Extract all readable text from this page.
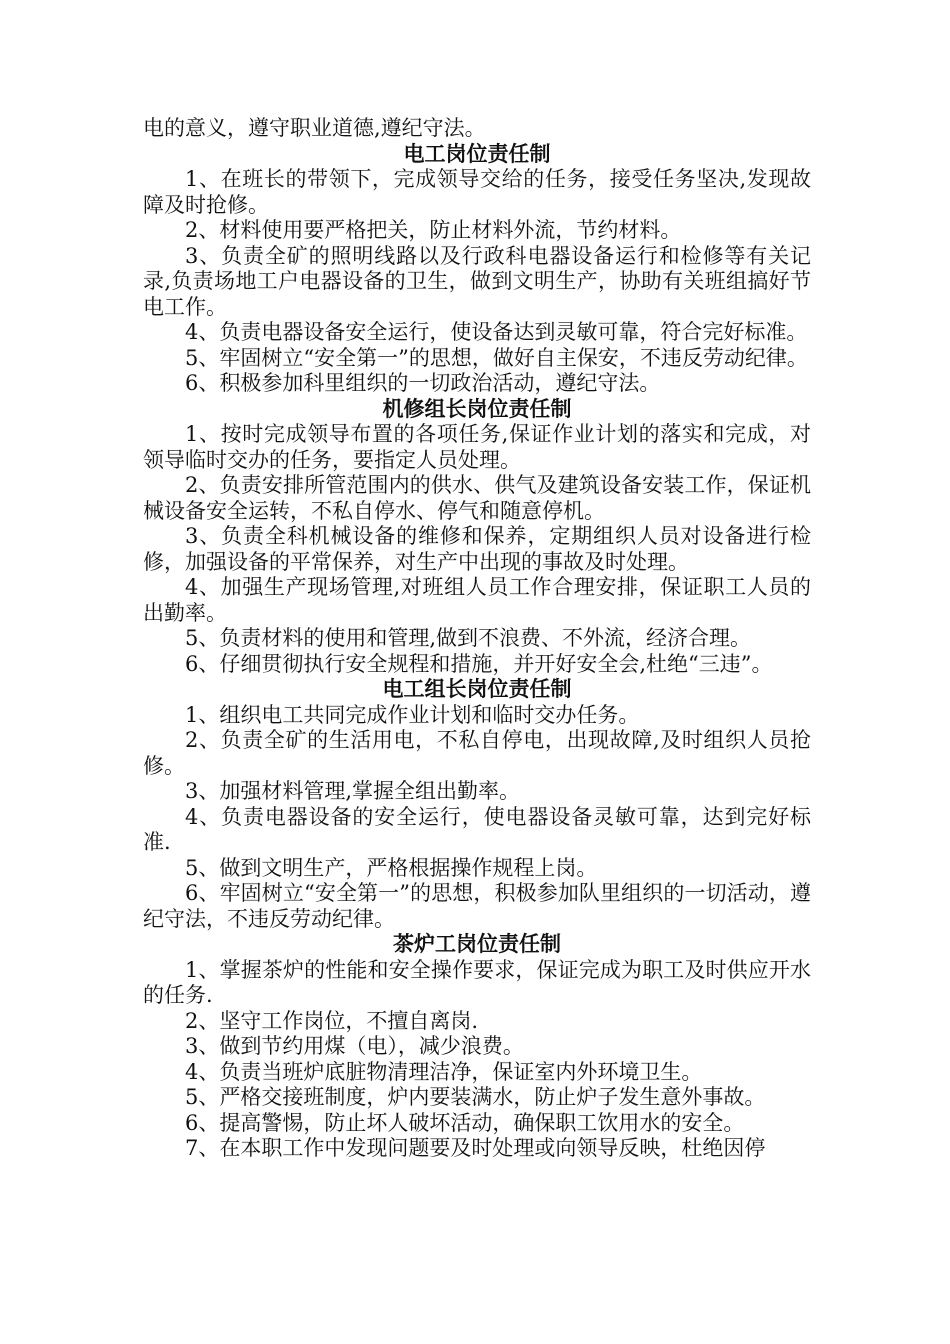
电的意义，遵守职业道德,遵纪守法。

电工岗位责任制

1、在班长的带领下，完成领导交给的任务，接受任务坚决,发现故障及时抢修。

2、材料使用要严格把关，防止材料外流，节约材料。

3、负责全矿的照明线路以及行政科电器设备运行和检修等有关记录,负责场地工户电器设备的卫生，做到文明生产，协助有关班组搞好节电工作。

4、负责电器设备安全运行，使设备达到灵敏可靠，符合完好标准。

5、牢固树立“安全第一”的思想，做好自主保安，不违反劳动纪律。

6、积极参加科里组织的一切政治活动，遵纪守法。

机修组长岗位责任制

1、按时完成领导布置的各项任务,保证作业计划的落实和完成，对领导临时交办的任务，要指定人员处理。

2、负责安排所管范围内的供水、供气及建筑设备安装工作，保证机械设备安全运转，不私自停水、停气和随意停机。

3、负责全科机械设备的维修和保养，定期组织人员对设备进行检修，加强设备的平常保养，对生产中出现的事故及时处理。

4、加强生产现场管理,对班组人员工作合理安排，保证职工人员的出勤率。

5、负责材料的使用和管理,做到不浪费、不外流，经济合理。

6、仔细贯彻执行安全规程和措施，并开好安全会,杜绝“三违”。

电工组长岗位责任制

1、组织电工共同完成作业计划和临时交办任务。

2、负责全矿的生活用电，不私自停电，出现故障,及时组织人员抢修。

3、加强材料管理,掌握全组出勤率。

4、负责电器设备的安全运行，使电器设备灵敏可靠，达到完好标准.

5、做到文明生产，严格根据操作规程上岗。

6、牢固树立“安全第一”的思想，积极参加队里组织的一切活动，遵纪守法，不违反劳动纪律。

茶炉工岗位责任制

1、掌握茶炉的性能和安全操作要求，保证完成为职工及时供应开水的任务.

2、坚守工作岗位，不擅自离岗.

3、做到节约用煤（电），减少浪费。

4、负责当班炉底脏物清理洁净，保证室内外环境卫生。

5、严格交接班制度，炉内要装满水，防止炉子发生意外事故。

6、提高警惕，防止坏人破坏活动，确保职工饮用水的安全。

7、在本职工作中发现问题要及时处理或向领导反映，杜绝因停
